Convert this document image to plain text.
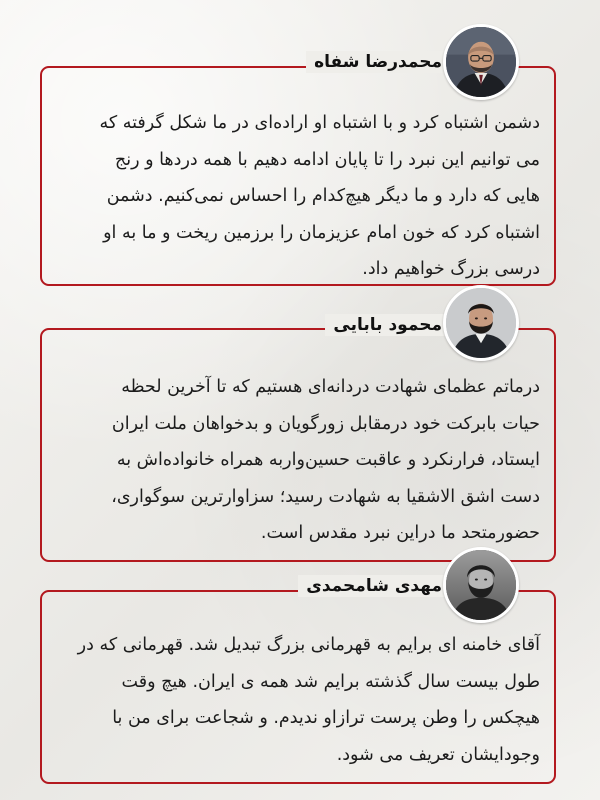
دشمن اشتباه کرد و با اشتباه او اراده‌ای در ما شکل گرفته که
می توانیم این نبرد را تا پایان ادامه دهیم با همه دردها و رنج
هایی که دارد و ما دیگر هیچ‌کدام را احساس نمی‌کنیم. دشمن
اشتباه کرد که خون امام عزیزمان را برزمین ریخت و ما به او
درسی بزرگ خواهیم داد.
محمدرضا شفاه
درماتم عظمای شهادت دردانه‌ای هستیم که تا آخرین لحظه
حیات بابرکت خود درمقابل زورگویان و بدخواهان ملت ایران
ایستاد، فرارنکرد و عاقبت حسین‌واربه همراه خانواده‌اش به
دست اشق الاشقیا به شهادت رسید؛ سزاوارترین سوگواری،
حضورمتحد ما دراین نبرد مقدس است.
محمود بابایی
آقای خامنه ای برایم به قهرمانی بزرگ تبدیل شد. قهرمانی که در
طول بیست سال گذشته برایم شد همه ی ایران. هیچ وقت
هیچکس را وطن پرست ترازاو ندیدم. و شجاعت برای من با
وجودایشان تعریف می شود.
مهدی شامحمدی
